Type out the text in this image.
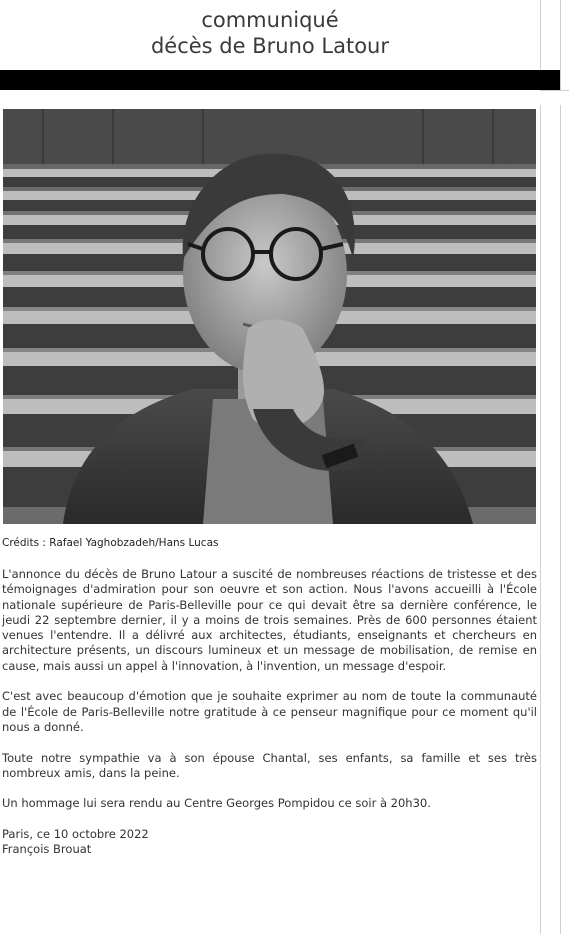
communiqué

décès de Bruno Latour

Crédits : Rafael Yaghobzadeh/Hans Lucas

L'annonce du décès de Bruno Latour a suscité de nombreuses réactions de tristesse et des témoignages d'admiration pour son oeuvre et son action. Nous l'avons accueilli à l'École nationale supérieure de Paris-Belleville pour ce qui devait être sa dernière conférence, le jeudi 22 septembre dernier, il y a moins de trois semaines. Près de 600 personnes étaient venues l'entendre. Il a délivré aux architectes, étudiants, enseignants et chercheurs en architecture présents, un discours lumineux et un message de mobilisation, de remise en cause, mais aussi un appel à l'innovation, à l'invention, un message d'espoir.

C'est avec beaucoup d'émotion que je souhaite exprimer au nom de toute la communauté de l'École de Paris-Belleville notre gratitude à ce penseur magnifique pour ce moment qu'il nous a donné.

Toute notre sympathie va à son épouse Chantal, ses enfants, sa famille et ses très nombreux amis, dans la peine.

Un hommage lui sera rendu au Centre Georges Pompidou ce soir à 20h30.

Paris, ce 10 octobre 2022
François Brouat
